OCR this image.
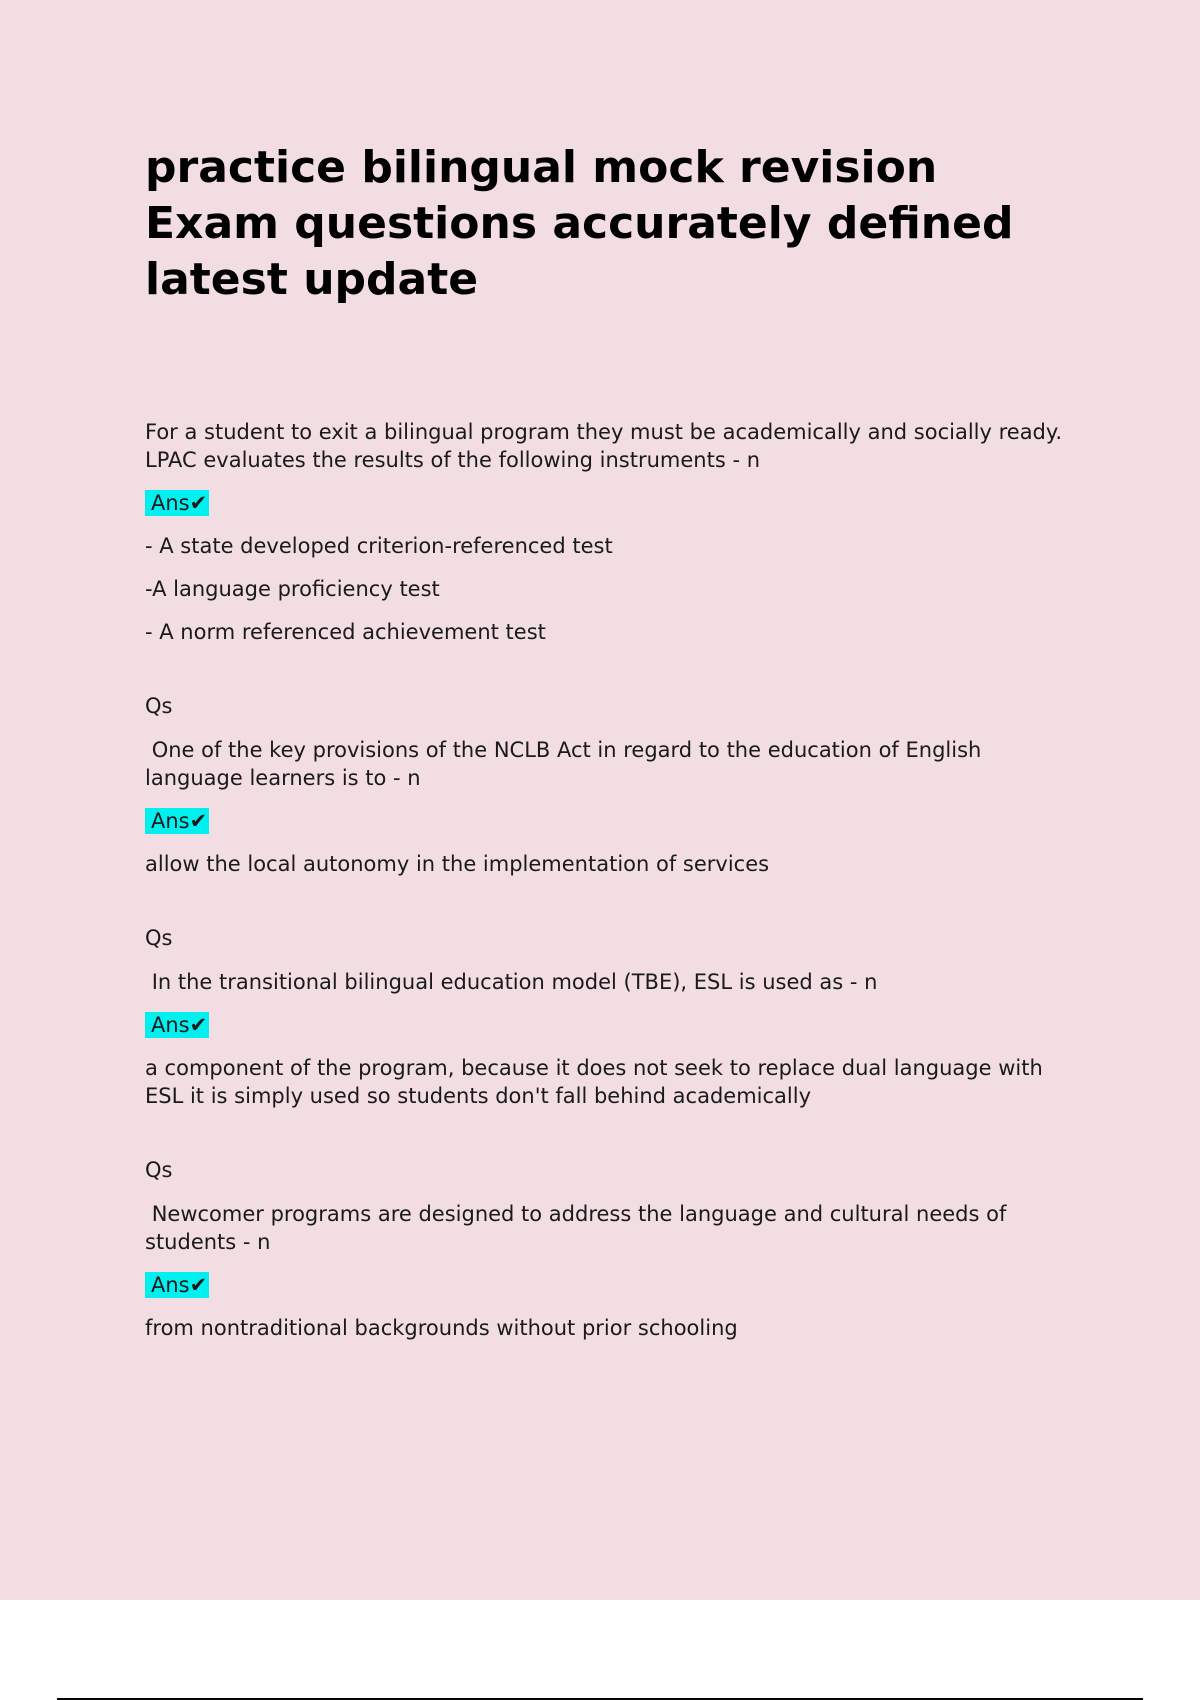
practice bilingual mock revision Exam questions accurately defined latest update
For a student to exit a bilingual program they must be academically and socially ready. LPAC evaluates the results of the following instruments - n
Ans✔
- A state developed criterion-referenced test
-A language proficiency test
- A norm referenced achievement test
Qs
One of the key provisions of the NCLB Act in regard to the education of English language learners is to - n
Ans✔
allow the local autonomy in the implementation of services
Qs
In the transitional bilingual education model (TBE), ESL is used as - n
Ans✔
a component of the program, because it does not seek to replace dual language with ESL it is simply used so students don't fall behind academically
Qs
Newcomer programs are designed to address the language and cultural needs of students - n
Ans✔
from nontraditional backgrounds without prior schooling
